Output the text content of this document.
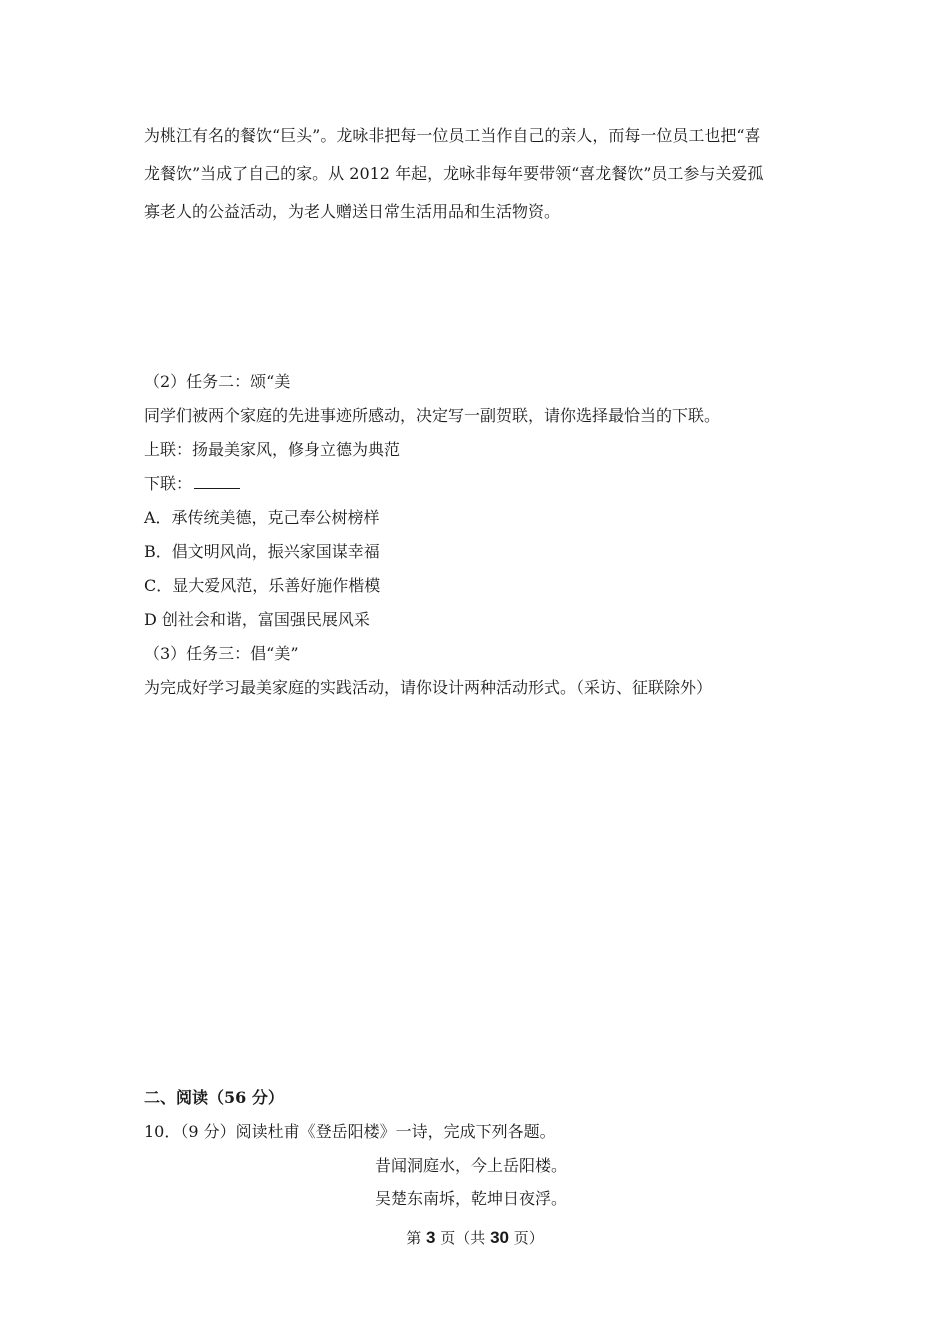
为桃江有名的餐饮“巨头”。龙咏非把每一位员工当作自己的亲人，而每一位员工也把“喜
龙餐饮”当成了自己的家。从 2012 年起，龙咏非每年要带领“喜龙餐饮”员工参与关爱孤
寡老人的公益活动，为老人赠送日常生活用品和生活物资。
（2）任务二：颂“美
同学们被两个家庭的先进事迹所感动，决定写一副贺联，请你选择最恰当的下联。
上联：扬最美家风，修身立德为典范
下联：
A．承传统美德，克己奉公树榜样
B．倡文明风尚，振兴家国谋幸福
C．显大爱风范，乐善好施作楷模
D 创社会和谐，富国强民展风采
（3）任务三：倡“美”
为完成好学习最美家庭的实践活动，请你设计两种活动形式。（采访、征联除外）
二、阅读（56 分）
10．（9 分）阅读杜甫《登岳阳楼》一诗，完成下列各题。
昔闻洞庭水，今上岳阳楼。
吴楚东南坼，乾坤日夜浮。
第 3 页（共 30 页）
